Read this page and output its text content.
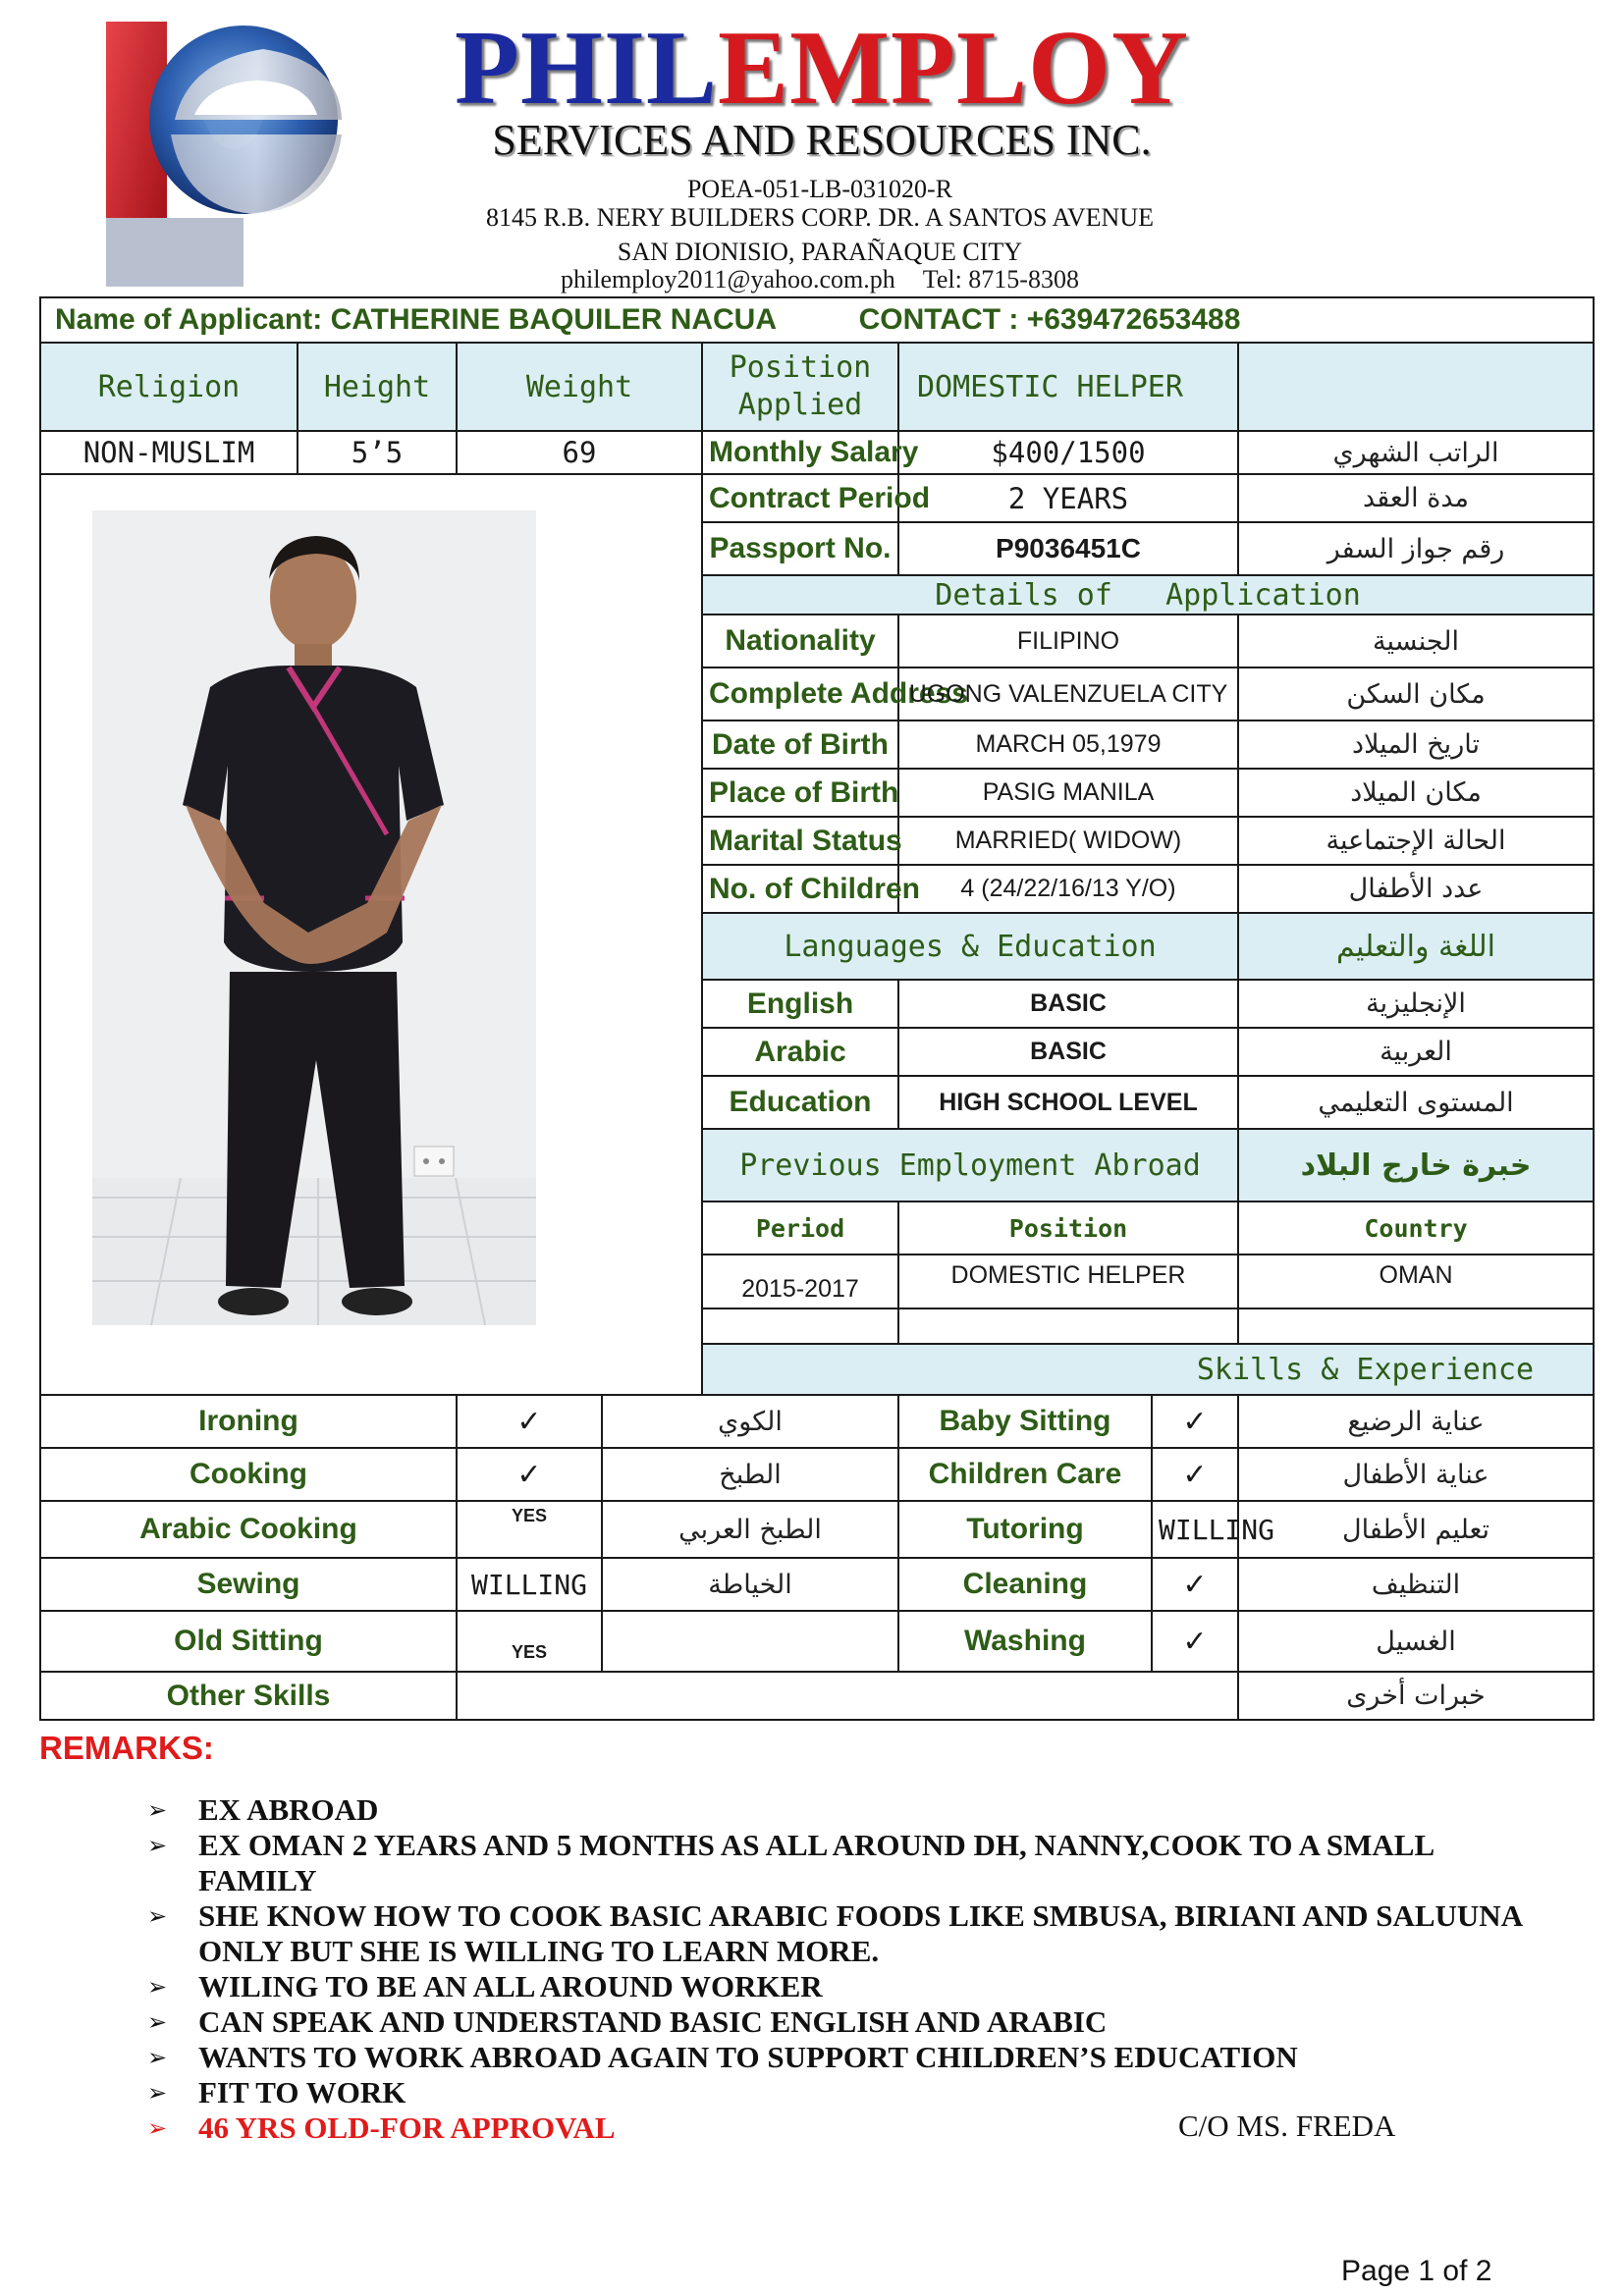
PHILEMPLOY
SERVICES AND RESOURCES INC.
POEA-051-LB-031020-R
8145 R.B. NERY BUILDERS CORP. DR. A SANTOS AVENUE
SAN DIONISIO, PARAÑAQUE CITY
philemploy2011@yahoo.com.ph Tel: 8715-8308
Name of Applicant: CATHERINE BAQUILER NACUA CONTACT : +639472653488								
Religion	Height	Weight		Position Applied	DOMESTIC HELPER			
NON-MUSLIM	5’5	69		Monthly Salary	$400/1500		الراتب الشهري	

	Contract Period	2 YEARS		مدة العقد	
				Passport No.	P9036451C		رقم جواز السفر	
				Details of   Application				
				Nationality	FILIPINO		الجنسية	
				Complete Address	UGONG VALENZUELA CITY		مكان السكن	
				Date of Birth	MARCH 05,1979		تاريخ الميلاد	
				Place of Birth	PASIG MANILA		مكان الميلاد	
				Marital Status	MARRIED( WIDOW)		الحالة الإجتماعية	
				No. of Children	4 (24/22/16/13 Y/O)		عدد الأطفال	
				Languages & Education			اللغة والتعليم	
				English	BASIC		الإنجليزية	
				Arabic	BASIC		العربية	
				Education	HIGH SCHOOL LEVEL		المستوى التعليمي	
				Previous Employment Abroad			خبرة خارج البلاد	
				Period	Position		Country	
				2015-2017	DOMESTIC HELPER		OMAN	

				Skills & Experience	
Ironing		✓	الكوي		Baby Sitting	✓	عناية الرضيع	
Cooking		✓	الطبخ		Children Care	✓	عناية الأطفال	
Arabic Cooking		YES	الطبخ العربي		Tutoring	WILLING	تعليم الأطفال	
Sewing		WILLING	الخياطة		Cleaning	✓	التنظيف	
Old Sitting		YES			Washing	✓	الغسيل	
Other Skills							خبرات أخرى	
REMARKS:
➢ EX ABROAD
➢ EX OMAN 2 YEARS AND 5 MONTHS AS ALL AROUND DH, NANNY,COOK TO A SMALL FAMILY
➢ SHE KNOW HOW TO COOK BASIC ARABIC FOODS LIKE SMBUSA, BIRIANI AND SALUUNA ONLY BUT SHE IS WILLING TO LEARN MORE.
➢ WILING TO BE AN ALL AROUND WORKER
➢ CAN SPEAK AND UNDERSTAND BASIC ENGLISH AND ARABIC
➢ WANTS TO WORK ABROAD AGAIN TO SUPPORT CHILDREN’S EDUCATION
➢ FIT TO WORK
➢ 46 YRS OLD-FOR APPROVAL	C/O MS. FREDA
Page 1 of 2
